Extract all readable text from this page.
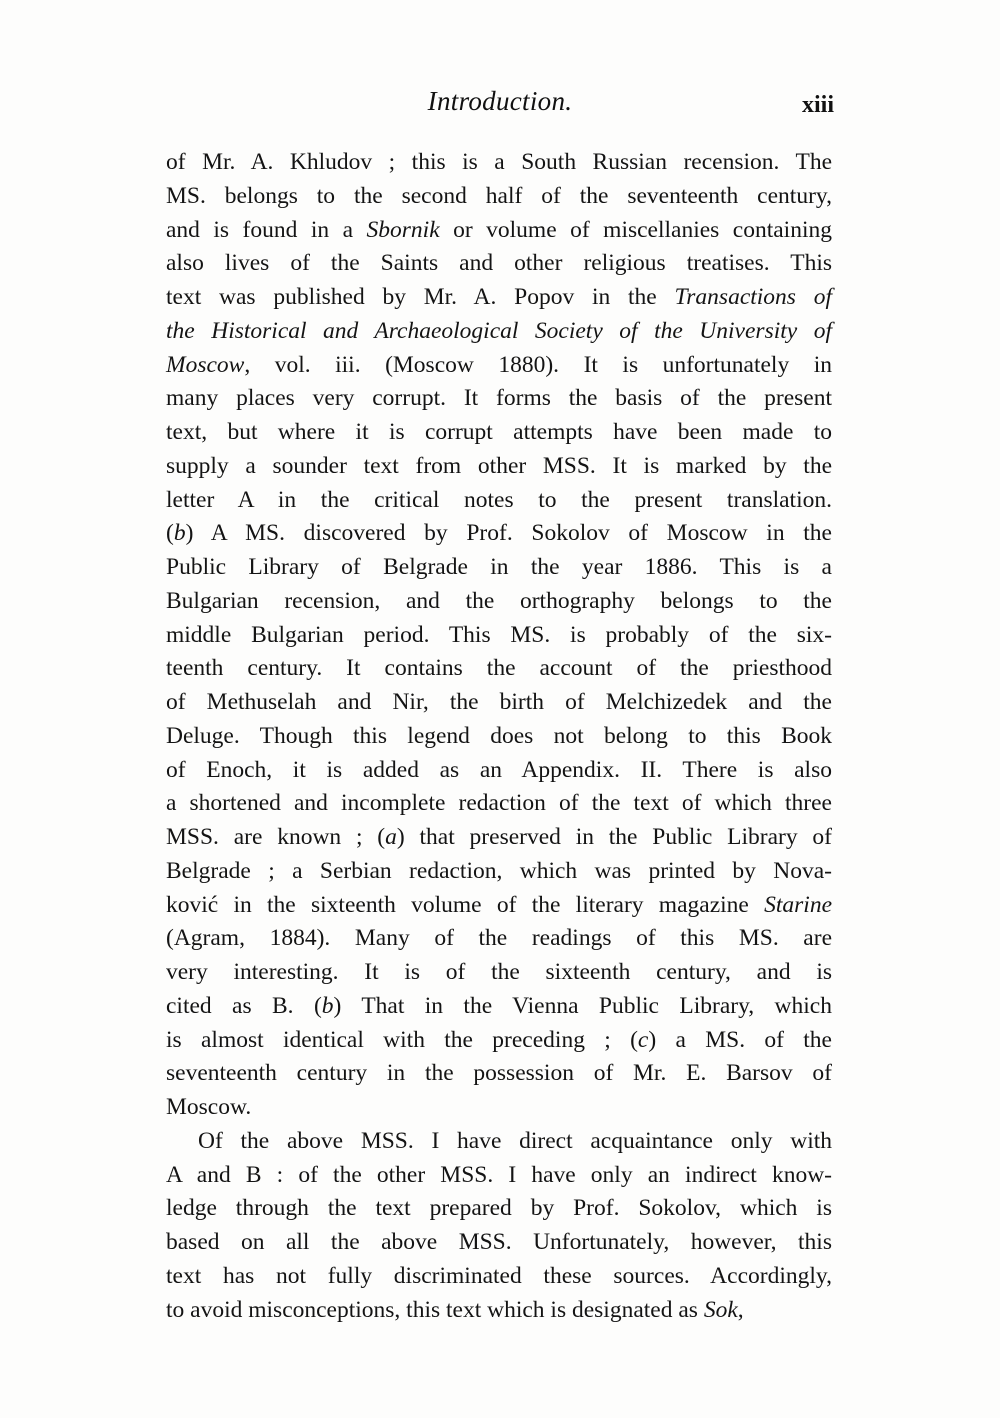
Introduction.	xiii
of Mr. A. Khludov ; this is a South Russian recension. The
MS. belongs to the second half of the seventeenth century,
and is found in a Sbornik or volume of miscellanies containing
also lives of the Saints and other religious treatises. This
text was published by Mr. A. Popov in the Transactions of
the Historical and Archaeological Society of the University of
Moscow, vol. iii. (Moscow 1880). It is unfortunately in
many places very corrupt. It forms the basis of the present
text, but where it is corrupt attempts have been made to
supply a sounder text from other MSS. It is marked by the
letter A in the critical notes to the present translation.
(b) A MS. discovered by Prof. Sokolov of Moscow in the
Public Library of Belgrade in the year 1886. This is a
Bulgarian recension, and the orthography belongs to the
middle Bulgarian period. This MS. is probably of the six-
teenth century. It contains the account of the priesthood
of Methuselah and Nir, the birth of Melchizedek and the
Deluge. Though this legend does not belong to this Book
of Enoch, it is added as an Appendix. II. There is also
a shortened and incomplete redaction of the text of which three
MSS. are known ; (a) that preserved in the Public Library of
Belgrade ; a Serbian redaction, which was printed by Nova-
ković in the sixteenth volume of the literary magazine Starine
(Agram, 1884). Many of the readings of this MS. are
very interesting. It is of the sixteenth century, and is
cited as B. (b) That in the Vienna Public Library, which
is almost identical with the preceding ; (c) a MS. of the
seventeenth century in the possession of Mr. E. Barsov of
Moscow.
Of the above MSS. I have direct acquaintance only with
A and B : of the other MSS. I have only an indirect know-
ledge through the text prepared by Prof. Sokolov, which is
based on all the above MSS. Unfortunately, however, this
text has not fully discriminated these sources. Accordingly,
to avoid misconceptions, this text which is designated as Sok,
